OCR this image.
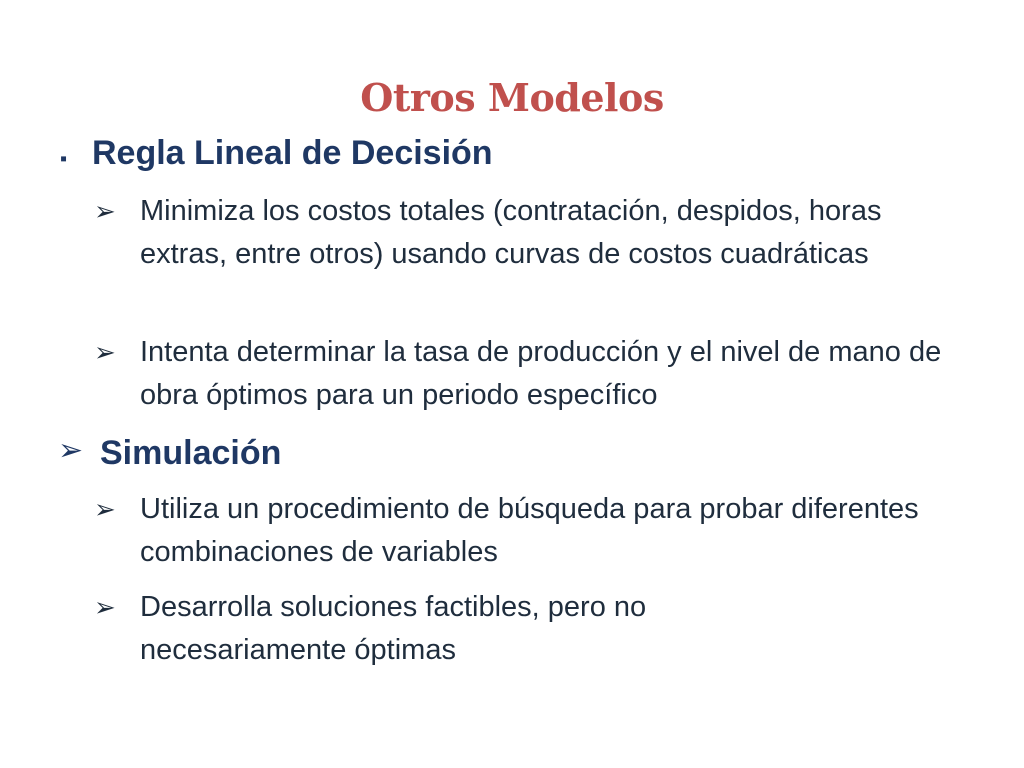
Otros Modelos
▪ Regla Lineal de Decisión
➢ Minimiza los costos totales (contratación, despidos, horas extras, entre otros) usando curvas de costos cuadráticas
➢ Intenta determinar la tasa de producción y el nivel de mano de obra óptimos para un periodo específico
➢ Simulación
➢ Utiliza un procedimiento de búsqueda para probar diferentes combinaciones de variables
➢ Desarrolla soluciones factibles, pero no necesariamente óptimas
